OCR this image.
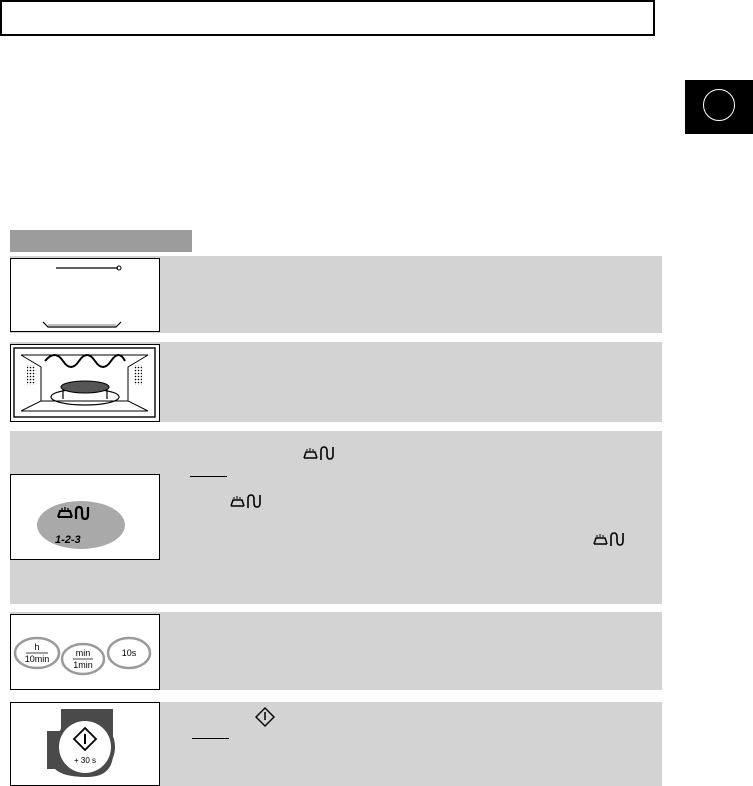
1-2-3
h
10min
min
1min
10s
+ 30 s
